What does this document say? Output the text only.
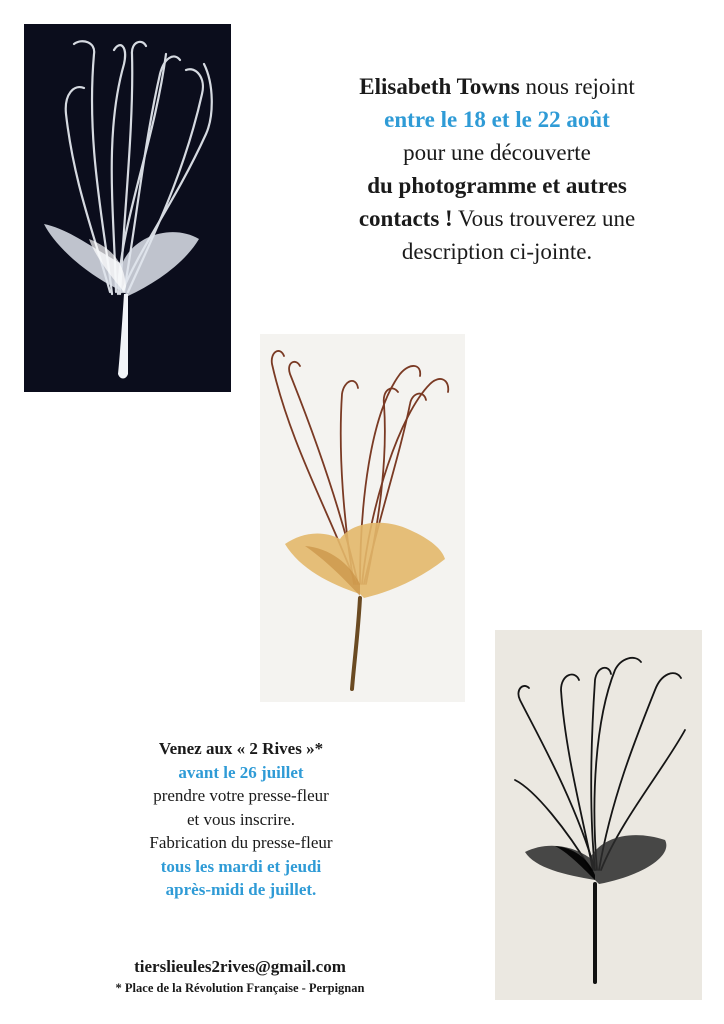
Elisabeth Towns nous rejoint
entre le 18 et le 22 août
pour une découverte
du photogramme et autres
contacts ! Vous trouverez une
description ci-jointe.
Venez aux « 2 Rives »*
avant le 26 juillet
prendre votre presse-fleur
et vous inscrire.
Fabrication du presse-fleur
tous les mardi et jeudi
après-midi de juillet.
tierslieules2rives@gmail.com
* Place de la Révolution Française - Perpignan
